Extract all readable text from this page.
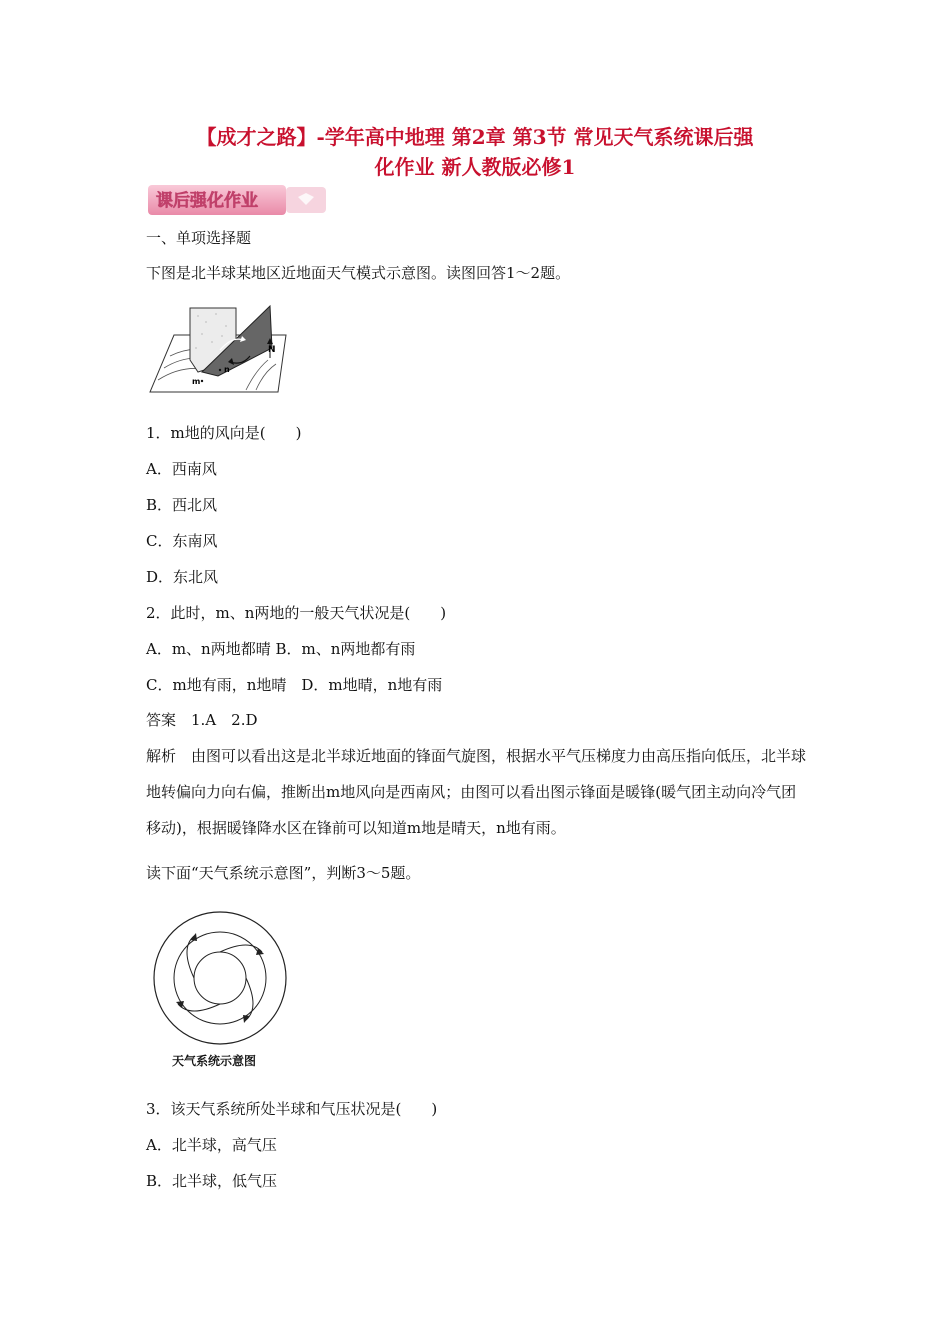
【成才之路】-学年高中地理 第2章 第3节 常见天气系统课后强
化作业 新人教版必修1
课后强化作业
一、单项选择题
下图是北半球某地区近地面天气模式示意图。读图回答1～2题。
N
m
n
1．m地的风向是(　　)
A．西南风
B．西北风
C．东南风
D．东北风
2．此时，m、n两地的一般天气状况是(　　)
A．m、n两地都晴 B．m、n两地都有雨
C．m地有雨，n地晴　D．m地晴，n地有雨
答案　1.A　2.D
解析　由图可以看出这是北半球近地面的锋面气旋图，根据水平气压梯度力由高压指向低压，北半球地转偏向力向右偏，推断出m地风向是西南风；由图可以看出图示锋面是暖锋(暖气团主动向冷气团移动)，根据暖锋降水区在锋前可以知道m地是晴天，n地有雨。
读下面“天气系统示意图”，判断3～5题。
天气系统示意图
3．该天气系统所处半球和气压状况是(　　)
A．北半球，高气压
B．北半球，低气压
